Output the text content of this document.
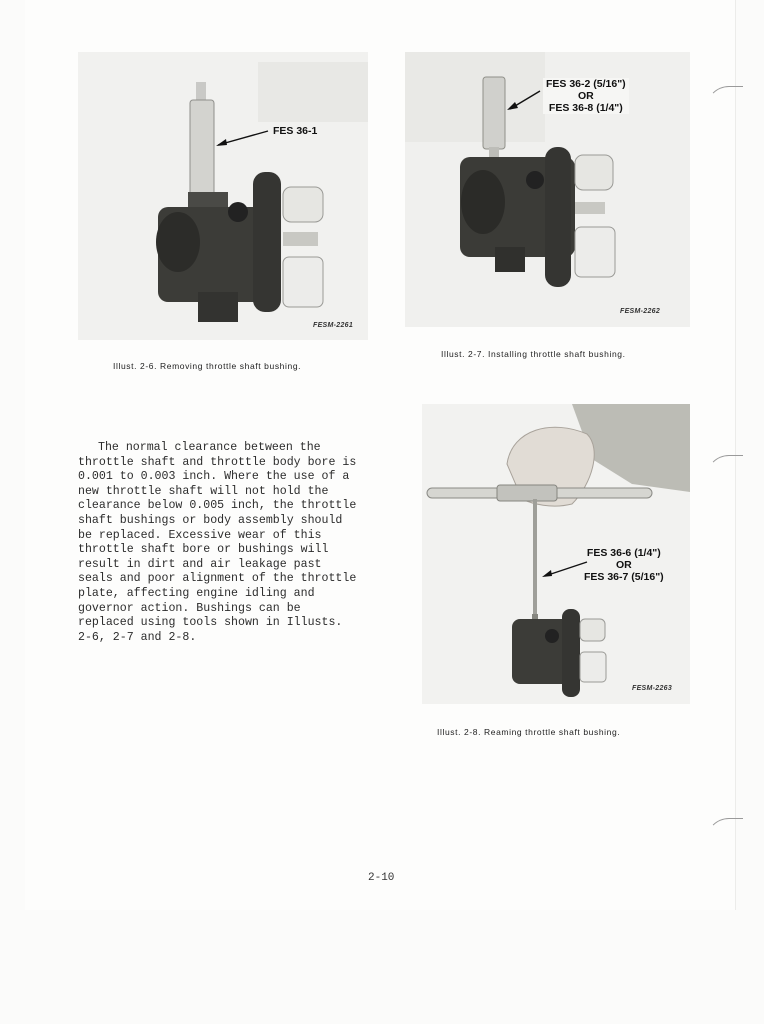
FES 36-1
FESM-2261
Illust. 2-6. Removing throttle shaft bushing.
FES 36-2 (5/16")
OR
FES 36-8 (1/4")
FESM-2262
Illust. 2-7. Installing throttle shaft bushing.

The normal clearance between the throttle shaft and throttle body bore is 0.001 to 0.003 inch. Where the use of a new throttle shaft will not hold the clearance below 0.005 inch, the throttle shaft bushings or body assembly should be replaced. Excessive wear of this throttle shaft bore or bushings will result in dirt and air leakage past seals and poor alignment of the throttle plate, affecting engine idling and governor action. Bushings can be replaced using tools shown in Illusts. 2-6, 2-7 and 2-8.

FES 36-6 (1/4")
OR
FES 36-7 (5/16")
FESM-2263
Illust. 2-8. Reaming throttle shaft bushing.
2-10
